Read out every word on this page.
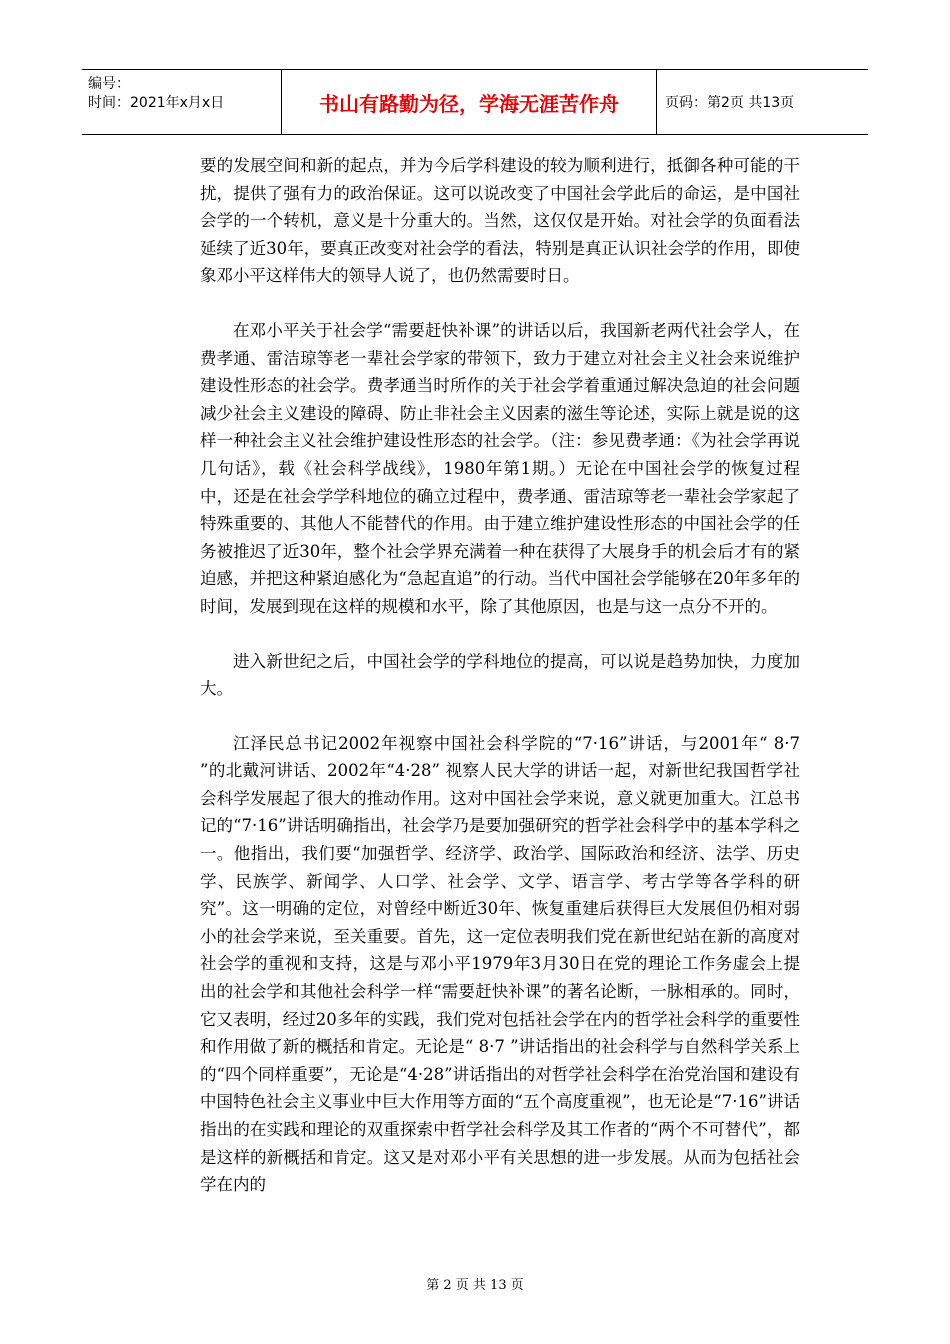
编号：
时间：2021年x月x日	书山有路勤为径，学海无涯苦作舟	页码：第2页 共13页

要的发展空间和新的起点，并为今后学科建设的较为顺利进行，抵御各种可能的干扰，提供了强有力的政治保证。这可以说改变了中国社会学此后的命运，是中国社会学的一个转机，意义是十分重大的。当然，这仅仅是开始。对社会学的负面看法延续了近30年，要真正改变对社会学的看法，特别是真正认识社会学的作用，即使象邓小平这样伟大的领导人说了，也仍然需要时日。

在邓小平关于社会学“需要赶快补课”的讲话以后，我国新老两代社会学人，在费孝通、雷洁琼等老一辈社会学家的带领下，致力于建立对社会主义社会来说维护建设性形态的社会学。费孝通当时所作的关于社会学着重通过解决急迫的社会问题减少社会主义建设的障碍、防止非社会主义因素的滋生等论述，实际上就是说的这样一种社会主义社会维护建设性形态的社会学。（注：参见费孝通：《为社会学再说几句话》，载《社会科学战线》，1980年第1期。）无论在中国社会学的恢复过程中，还是在社会学学科地位的确立过程中，费孝通、雷洁琼等老一辈社会学家起了特殊重要的、其他人不能替代的作用。由于建立维护建设性形态的中国社会学的任务被推迟了近30年，整个社会学界充满着一种在获得了大展身手的机会后才有的紧迫感，并把这种紧迫感化为“急起直追”的行动。当代中国社会学能够在20年多年的时间，发展到现在这样的规模和水平，除了其他原因，也是与这一点分不开的。

进入新世纪之后，中国社会学的学科地位的提高，可以说是趋势加快，力度加大。

江泽民总书记2002年视察中国社会科学院的“7·16”讲话，与2001年“ 8·7 ”的北戴河讲话、2002年“4·28” 视察人民大学的讲话一起，对新世纪我国哲学社会科学发展起了很大的推动作用。这对中国社会学来说，意义就更加重大。江总书记的“7·16”讲话明确指出，社会学乃是要加强研究的哲学社会科学中的基本学科之一。他指出，我们要“加强哲学、经济学、政治学、国际政治和经济、法学、历史学、民族学、新闻学、人口学、社会学、文学、语言学、考古学等各学科的研究”。这一明确的定位，对曾经中断近30年、恢复重建后获得巨大发展但仍相对弱小的社会学来说，至关重要。首先，这一定位表明我们党在新世纪站在新的高度对社会学的重视和支持，这是与邓小平1979年3月30日在党的理论工作务虚会上提出的社会学和其他社会科学一样“需要赶快补课”的著名论断，一脉相承的。同时，它又表明，经过20多年的实践，我们党对包括社会学在内的哲学社会科学的重要性和作用做了新的概括和肯定。无论是“ 8·7 ”讲话指出的社会科学与自然科学关系上的“四个同样重要”，无论是“4·28”讲话指出的对哲学社会科学在治党治国和建设有中国特色社会主义事业中巨大作用等方面的“五个高度重视”，也无论是“7·16”讲话指出的在实践和理论的双重探索中哲学社会科学及其工作者的“两个不可替代”，都是这样的新概括和肯定。这又是对邓小平有关思想的进一步发展。从而为包括社会学在内的

第 2 页 共 13 页
